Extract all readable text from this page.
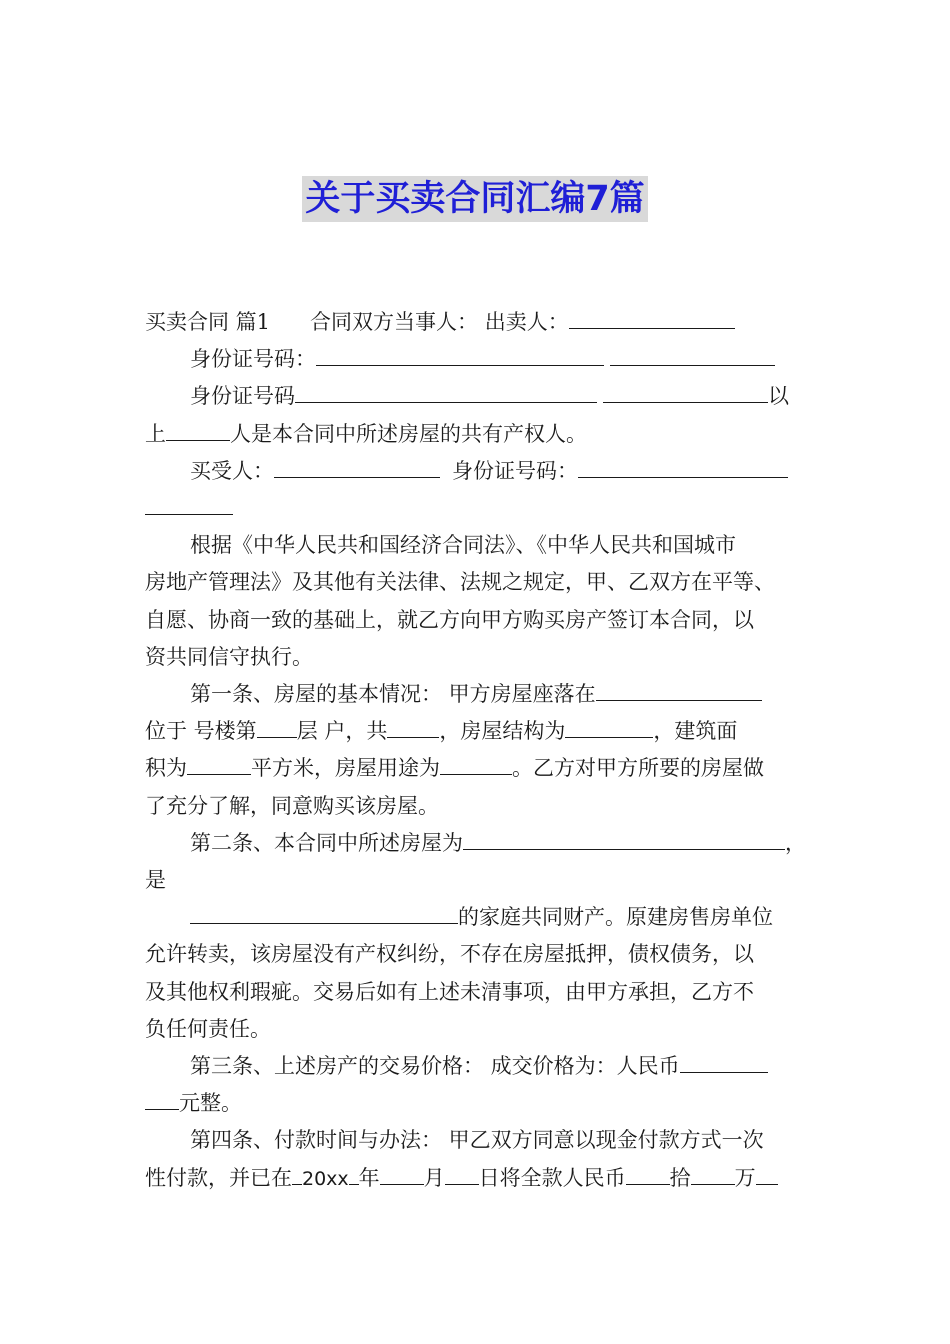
关于买卖合同汇编7篇
买卖合同 篇1 合同双方当事人： 出卖人：
身份证号码：
身份证号码	以
上	人是本合同中所述房屋的共有产权人。
买受人：	身份证号码：
根据《中华人民共和国经济合同法》、《中华人民共和国城市
房地产管理法》及其他有关法律、法规之规定，甲、乙双方在平等、
自愿、协商一致的基础上，就乙方向甲方购买房产签订本合同，以
资共同信守执行。
第一条、房屋的基本情况： 甲方房屋座落在
位于 号楼第 层 户，共 ，房屋结构为	，建筑面
积为	平方米，房屋用途为	。乙方对甲方所要的房屋做
了充分了解，同意购买该房屋。
第二条、本合同中所述房屋为	，
是
的家庭共同财产。原建房售房单位
允许转卖，该房屋没有产权纠纷，不存在房屋抵押，债权债务，以
及其他权利瑕疵。交易后如有上述未清事项，由甲方承担，乙方不
负任何责任。
第三条、上述房产的交易价格： 成交价格为：人民币
元整。
第四条、付款时间与办法： 甲乙双方同意以现金付款方式一次
性付款，并已在 20xx 年 月 日将全款人民币 拾 万
